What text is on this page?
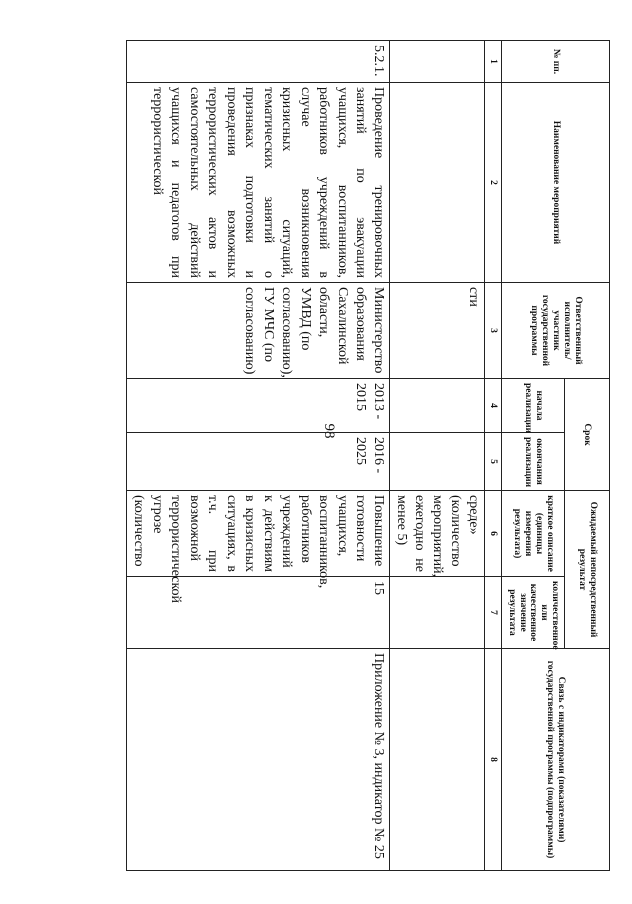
98
№ пп.	Наименование мероприятий	Ответственный исполнитель/ участник государственной программы	Срок		Ожидаемый непосредственный результат		Связь с индикаторами (показателями) государственной программы (подпрограммы)
			начала реализации	окончания реализации	краткое описание (единицы измерения результата)	количественное или качественное значение результата	
1	2	3	4	5	6	7	8
		сти			среде» (количество мероприятий, ежегодно не менее 5)		
5.2.1.	Проведение тренировочных занятий по эвакуации учащихся, воспитанников, работников учреждений в случае возникновения кризисных ситуаций, тематических занятий о признаках подготовки и проведения возможных террористических актов и самостоятельных действий учащихся и педагогов при террористической	Министерство образования Сахалинской области, УМВД (по согласованию), ГУ МЧС (по согласованию)	2013 - 2015	2016 - 2025	Повышение готовности учащихся, воспитанников, работников учреждений к действиям в кризисных ситуациях, в т.ч. при возможной террористической угрозе (количество	15	Приложение № 3, индикатор № 25
